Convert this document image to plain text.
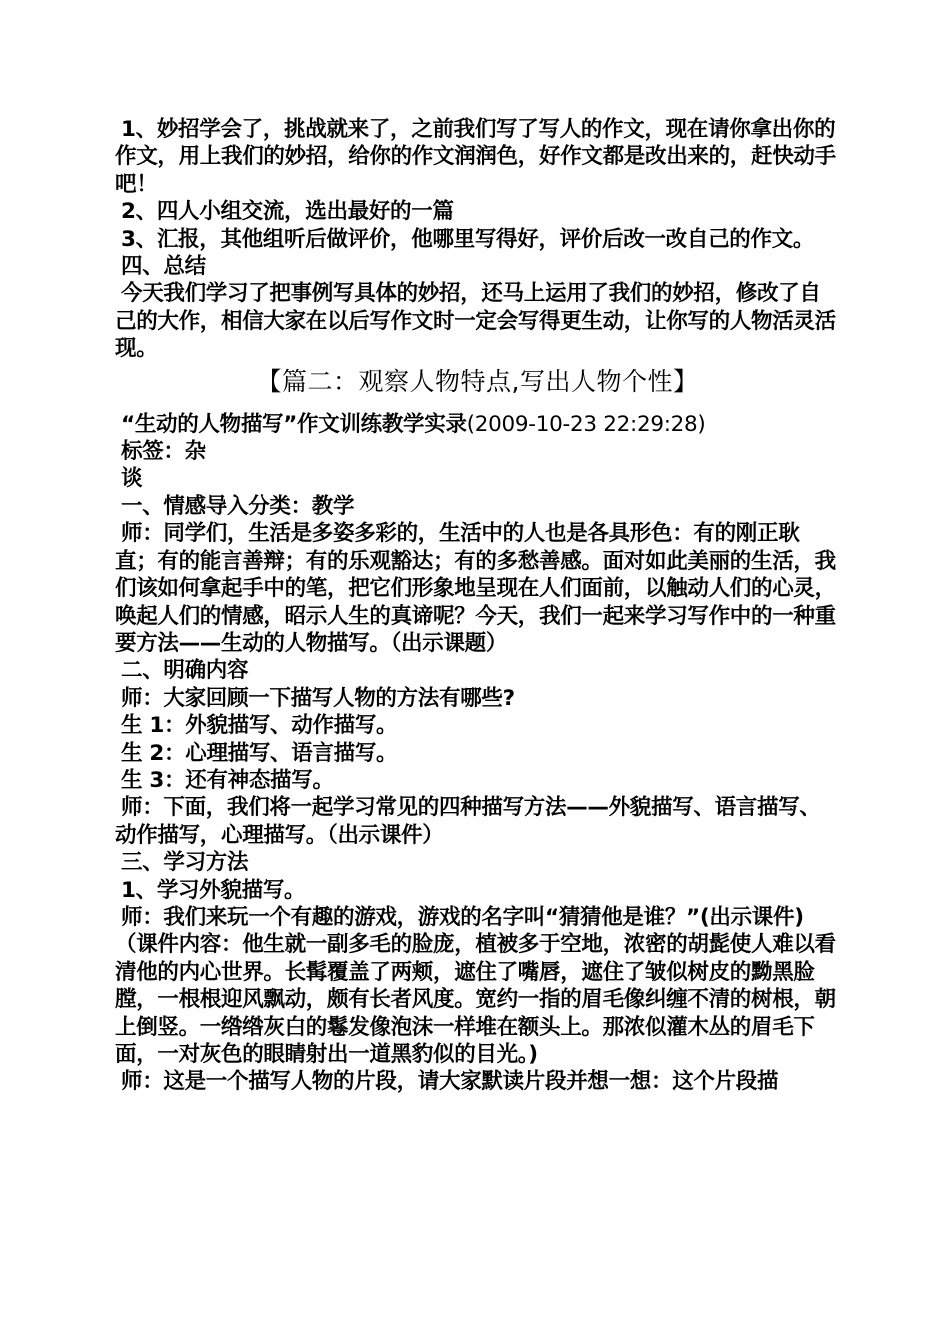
1、妙招学会了，挑战就来了，之前我们写了写人的作文，现在请你拿出你的作文，用上我们的妙招，给你的作文润润色，好作文都是改出来的，赶快动手吧！

2、四人小组交流，选出最好的一篇

3、汇报，其他组听后做评价，他哪里写得好，评价后改一改自己的作文。

四、总结

今天我们学习了把事例写具体的妙招，还马上运用了我们的妙招，修改了自己的大作，相信大家在以后写作文时一定会写得更生动，让你写的人物活灵活现。

【篇二：观察人物特点,写出人物个性】

“生动的人物描写”作文训练教学实录(2009-10-23 22:29:28)

标签：杂

谈

一、情感导入分类：教学

师：同学们，生活是多姿多彩的，生活中的人也是各具形色：有的刚正耿直；有的能言善辩；有的乐观豁达；有的多愁善感。面对如此美丽的生活，我们该如何拿起手中的笔，把它们形象地呈现在人们面前，以触动人们的心灵，唤起人们的情感，昭示人生的真谛呢？今天，我们一起来学习写作中的一种重要方法——生动的人物描写。（出示课题）

二、明确内容

师：大家回顾一下描写人物的方法有哪些?

生 1：外貌描写、动作描写。

生 2：心理描写、语言描写。

生 3：还有神态描写。

师：下面，我们将一起学习常见的四种描写方法——外貌描写、语言描写、动作描写，心理描写。（出示课件）

三、学习方法

1、学习外貌描写。

师：我们来玩一个有趣的游戏，游戏的名字叫“猜猜他是谁？”(出示课件)（课件内容：他生就一副多毛的脸庞，植被多于空地，浓密的胡髭使人难以看清他的内心世界。长髯覆盖了两颊，遮住了嘴唇，遮住了皱似树皮的黝黑脸膛，一根根迎风飘动，颇有长者风度。宽约一指的眉毛像纠缠不清的树根，朝上倒竖。一绺绺灰白的鬈发像泡沫一样堆在额头上。那浓似灌木丛的眉毛下面，一对灰色的眼睛射出一道黑豹似的目光。)

师：这是一个描写人物的片段，请大家默读片段并想一想：这个片段描
